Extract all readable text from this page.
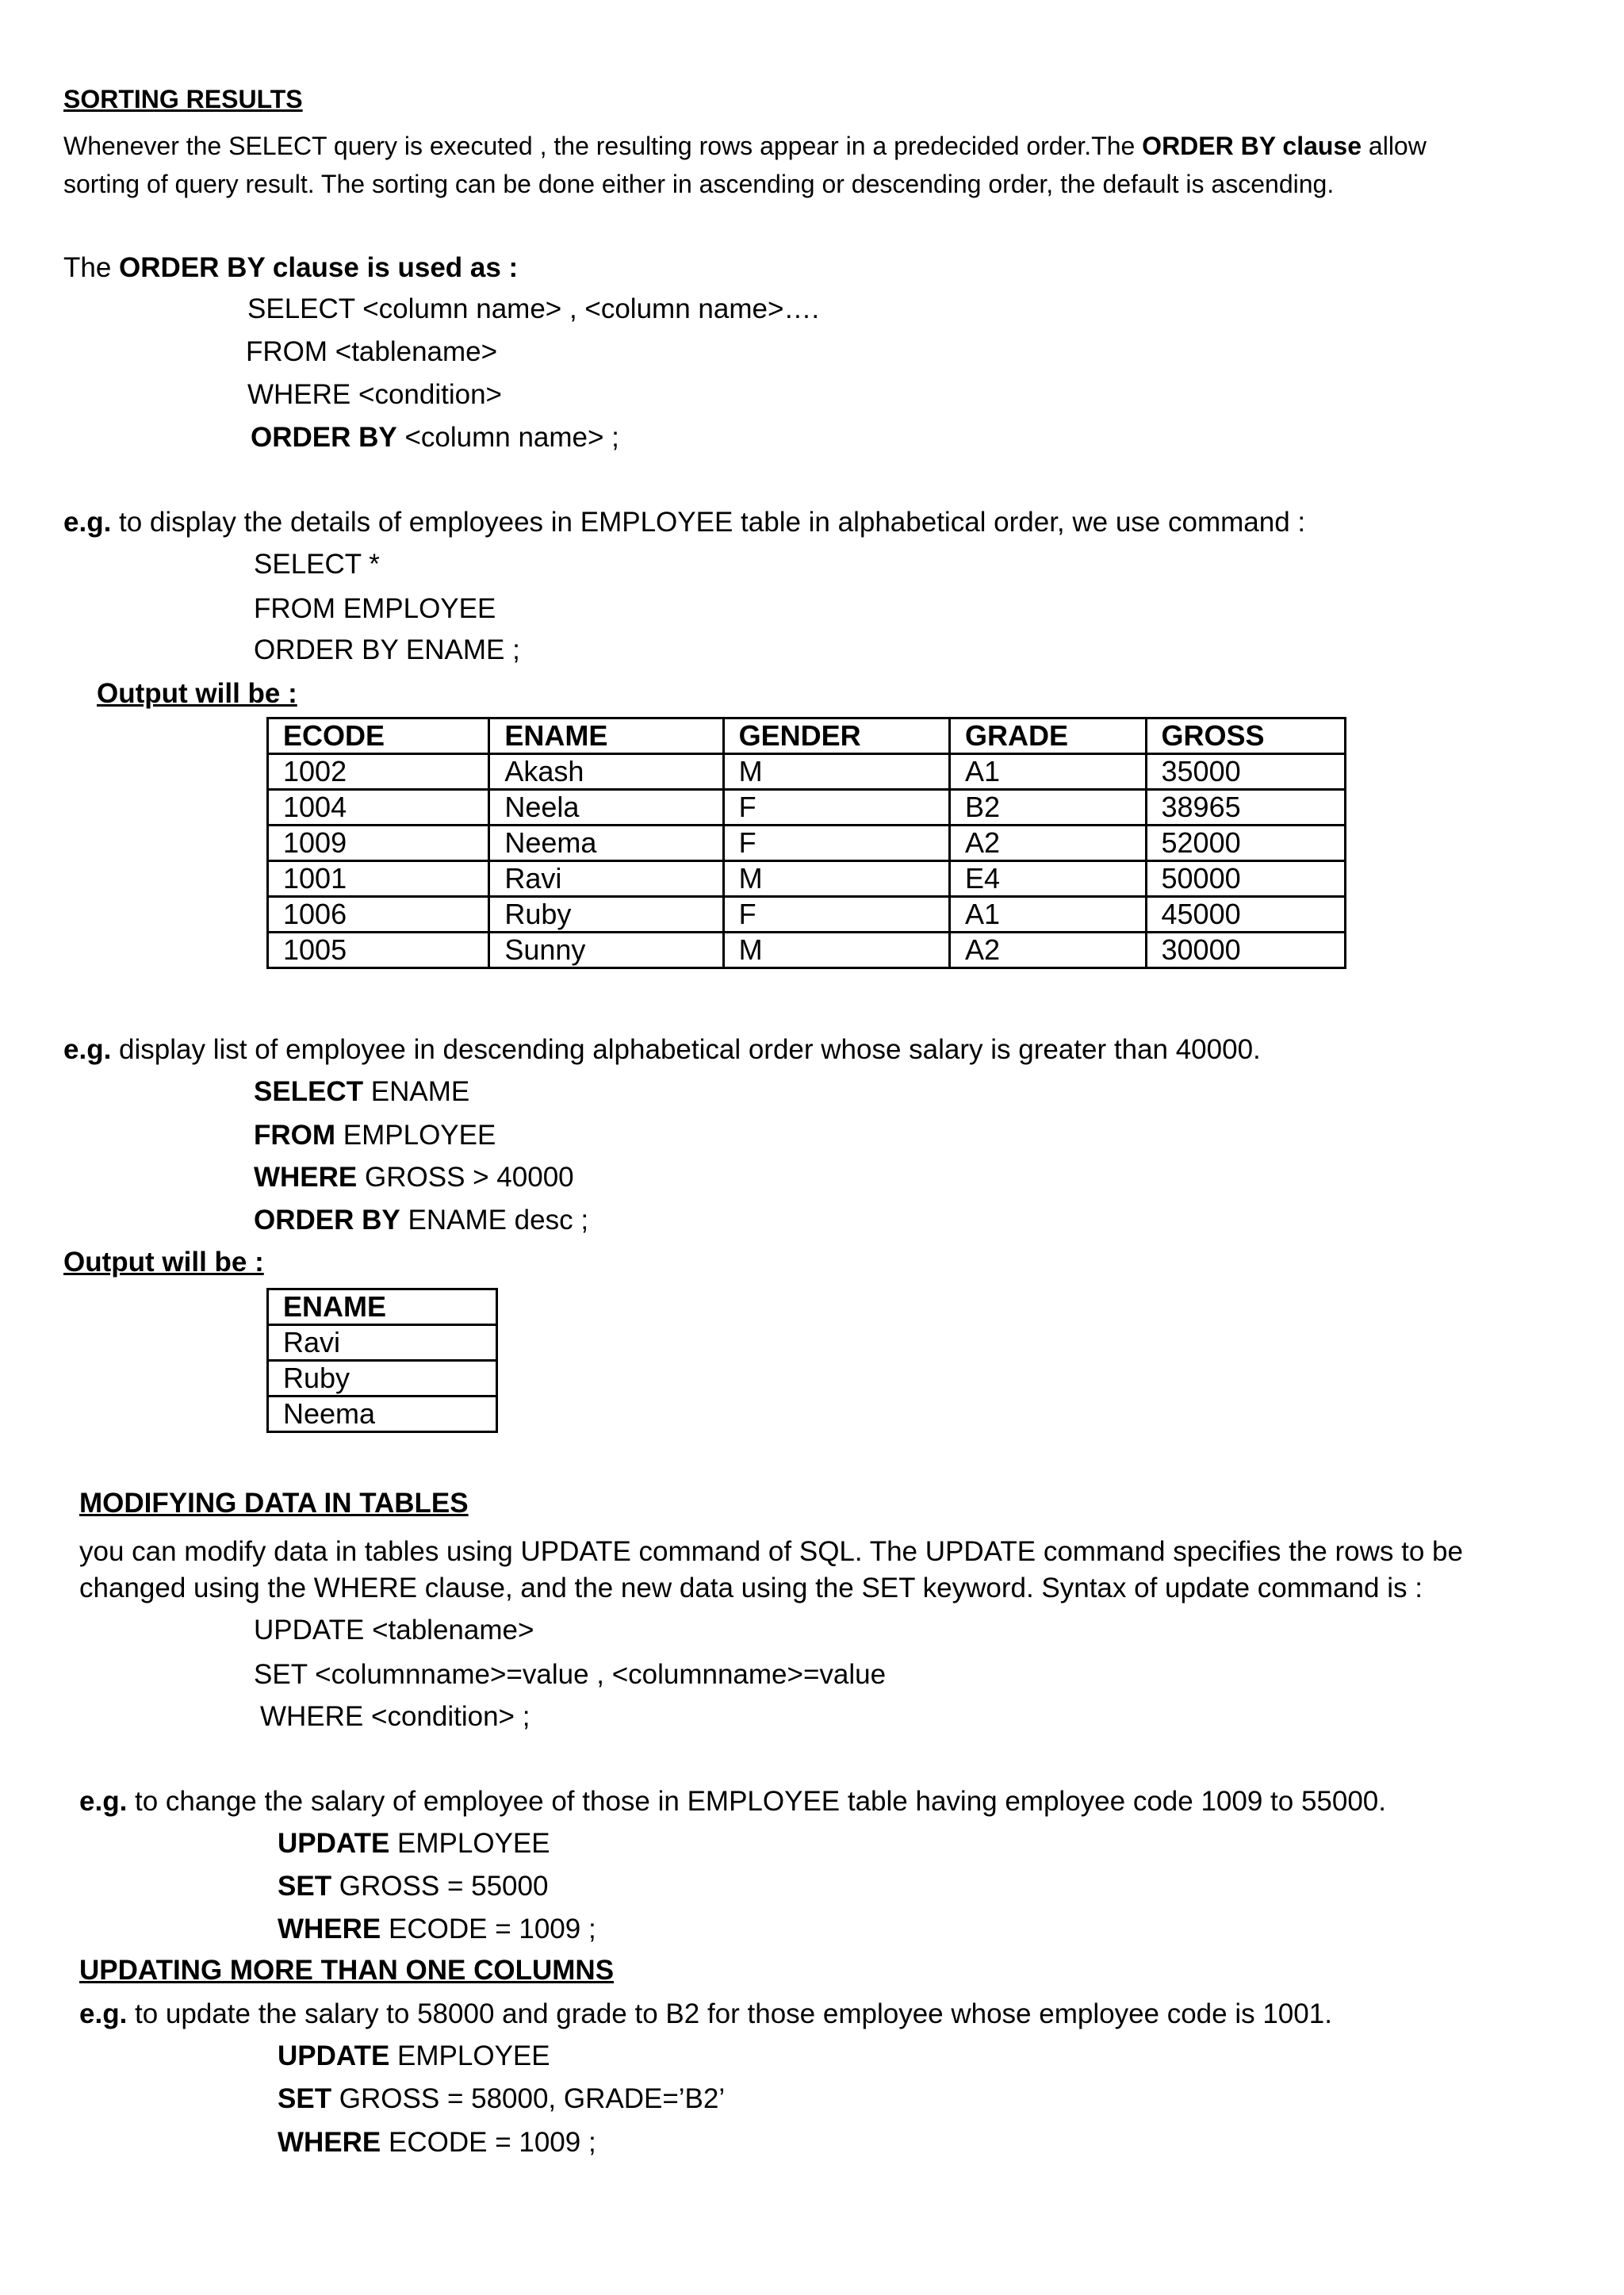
SORTING RESULTS
Whenever the SELECT query is executed , the resulting rows appear in a predecided order.The ORDER BY clause allow
sorting of query result. The sorting can be done either in ascending or descending order, the default is ascending.
The ORDER BY clause is used as :
SELECT <column name> , <column name>….
FROM <tablename>
WHERE <condition>
ORDER BY <column name> ;
e.g. to display the details of employees in EMPLOYEE table in alphabetical order, we use command :
SELECT *
FROM EMPLOYEE
ORDER BY ENAME ;
Output will be :
ECODE	ENAME	GENDER	GRADE	GROSS
1002	Akash	M	A1	35000
1004	Neela	F	B2	38965
1009	Neema	F	A2	52000
1001	Ravi	M	E4	50000
1006	Ruby	F	A1	45000
1005	Sunny	M	A2	30000
e.g. display list of employee in descending alphabetical order whose salary is greater than 40000.
SELECT ENAME
FROM EMPLOYEE
WHERE GROSS > 40000
ORDER BY ENAME desc ;
Output will be :
ENAME
Ravi
Ruby
Neema
MODIFYING DATA IN TABLES
you can modify data in tables using UPDATE command of SQL. The UPDATE command specifies the rows to be
changed using the WHERE clause, and the new data using the SET keyword. Syntax of update command is :
UPDATE <tablename>
SET <columnname>=value , <columnname>=value
WHERE <condition> ;
e.g. to change the salary of employee of those in EMPLOYEE table having employee code 1009 to 55000.
UPDATE EMPLOYEE
SET GROSS = 55000
WHERE ECODE = 1009 ;
UPDATING MORE THAN ONE COLUMNS
e.g. to update the salary to 58000 and grade to B2 for those employee whose employee code is 1001.
UPDATE EMPLOYEE
SET GROSS = 58000, GRADE=’B2’
WHERE ECODE = 1009 ;
